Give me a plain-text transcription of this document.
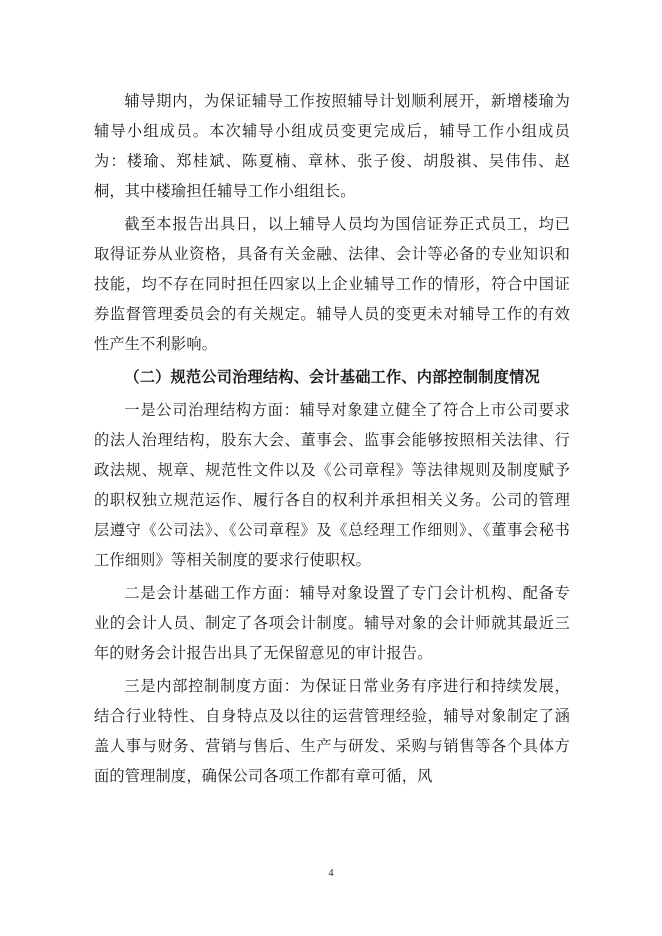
辅导期内，为保证辅导工作按照辅导计划顺利展开，新增楼瑜为辅导小组成员。本次辅导小组成员变更完成后，辅导工作小组成员为：楼瑜、郑桂斌、陈夏楠、章林、张子俊、胡殷祺、吴伟伟、赵桐，其中楼瑜担任辅导工作小组组长。

截至本报告出具日，以上辅导人员均为国信证券正式员工，均已取得证券从业资格，具备有关金融、法律、会计等必备的专业知识和技能，均不存在同时担任四家以上企业辅导工作的情形，符合中国证券监督管理委员会的有关规定。辅导人员的变更未对辅导工作的有效性产生不利影响。

（二）规范公司治理结构、会计基础工作、内部控制制度情况

一是公司治理结构方面：辅导对象建立健全了符合上市公司要求的法人治理结构，股东大会、董事会、监事会能够按照相关法律、行政法规、规章、规范性文件以及《公司章程》等法律规则及制度赋予的职权独立规范运作、履行各自的权利并承担相关义务。公司的管理层遵守《公司法》、《公司章程》及《总经理工作细则》、《董事会秘书工作细则》等相关制度的要求行使职权。

二是会计基础工作方面：辅导对象设置了专门会计机构、配备专业的会计人员、制定了各项会计制度。辅导对象的会计师就其最近三年的财务会计报告出具了无保留意见的审计报告。

三是内部控制制度方面：为保证日常业务有序进行和持续发展，结合行业特性、自身特点及以往的运营管理经验，辅导对象制定了涵盖人事与财务、营销与售后、生产与研发、采购与销售等各个具体方面的管理制度，确保公司各项工作都有章可循，风

4
